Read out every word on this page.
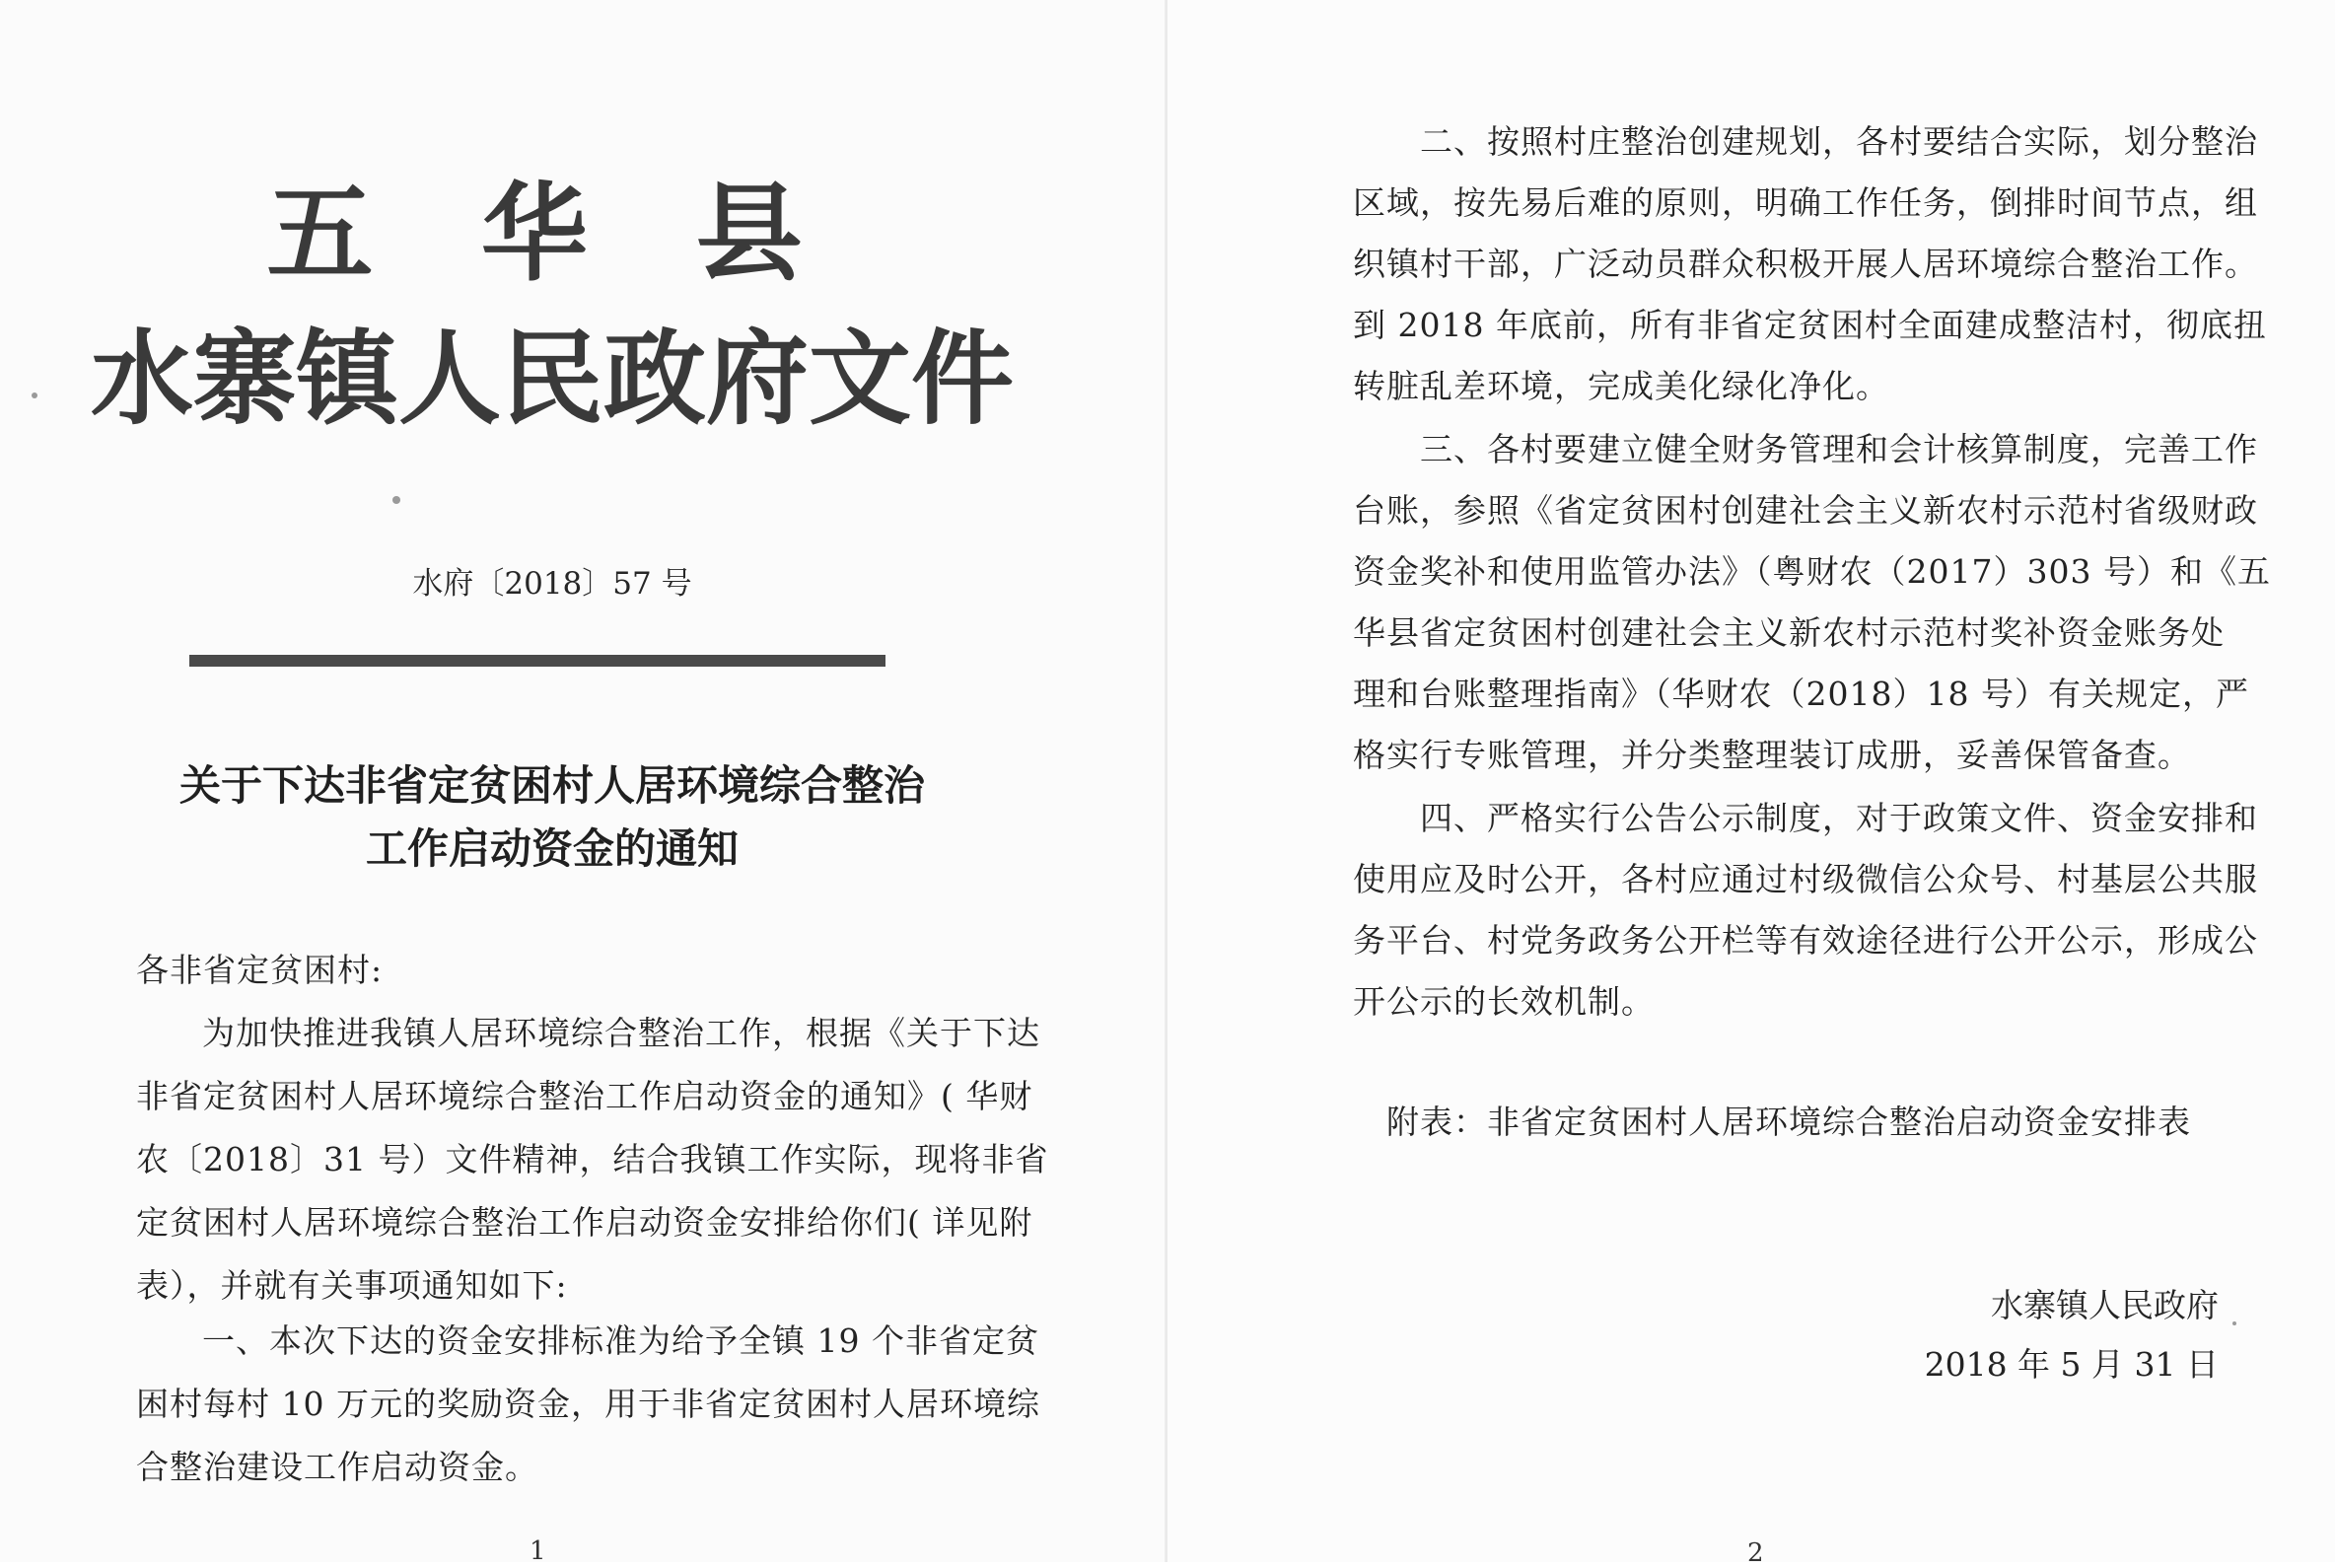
五 华 县

水寨镇人民政府文件

水府〔2018〕57 号

关于下达非省定贫困村人居环境综合整治

工作启动资金的通知

各非省定贫困村:

为加快推进我镇人居环境综合整治工作，根据《关于下达

非省定贫困村人居环境综合整治工作启动资金的通知》( 华财

农〔2018〕31 号）文件精神，结合我镇工作实际，现将非省

定贫困村人居环境综合整治工作启动资金安排给你们( 详见附

表），并就有关事项通知如下:

一、本次下达的资金安排标准为给予全镇 19 个非省定贫

困村每村 10 万元的奖励资金，用于非省定贫困村人居环境综

合整治建设工作启动资金。

1

二、按照村庄整治创建规划，各村要结合实际，划分整治

区域，按先易后难的原则，明确工作任务，倒排时间节点，组

织镇村干部，广泛动员群众积极开展人居环境综合整治工作。

到 2018 年底前，所有非省定贫困村全面建成整洁村，彻底扭

转脏乱差环境，完成美化绿化净化。

三、各村要建立健全财务管理和会计核算制度，完善工作

台账，参照《省定贫困村创建社会主义新农村示范村省级财政

资金奖补和使用监管办法》（粤财农（2017）303 号）和《五

华县省定贫困村创建社会主义新农村示范村奖补资金账务处

理和台账整理指南》（华财农（2018）18 号）有关规定，严

格实行专账管理，并分类整理装订成册，妥善保管备查。

四、严格实行公告公示制度，对于政策文件、资金安排和

使用应及时公开，各村应通过村级微信公众号、村基层公共服

务平台、村党务政务公开栏等有效途径进行公开公示，形成公

开公示的长效机制。

附表：非省定贫困村人居环境综合整治启动资金安排表

水寨镇人民政府

2018 年 5 月 31 日

2
